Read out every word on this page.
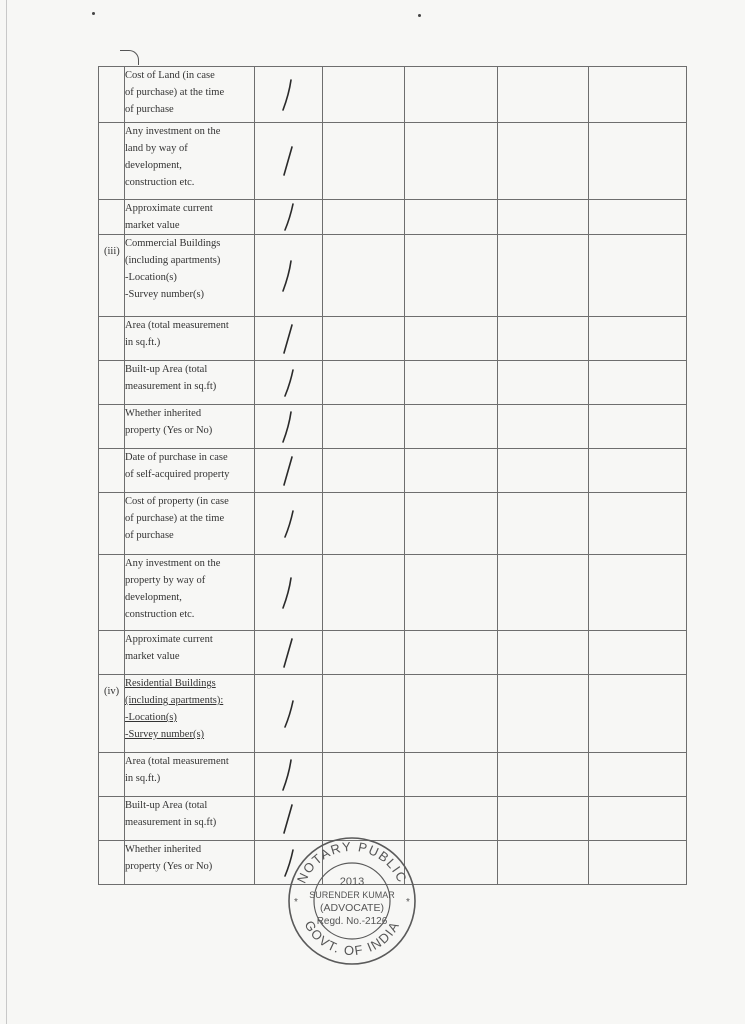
	Cost of Land (in case
of purchase) at the time
of purchase

	Any investment on the
land by way of
development,
construction etc.

	Approximate current
market value

(iii)	Commercial Buildings
(including apartments)
-Location(s)
-Survey number(s)

	Area (total measurement
in sq.ft.)

	Built-up Area (total
measurement in sq.ft)

	Whether inherited
property (Yes or No)

	Date of purchase in case
of self-acquired property

	Cost of property (in case
of purchase) at the time
of purchase

	Any investment on the
property by way of
development,
construction etc.

	Approximate current
market value

(iv)	Residential Buildings
(including apartments):
-Location(s)
-Survey number(s)

	Area (total measurement
in sq.ft.)

	Built-up Area (total
measurement in sq.ft)

	Whether inherited
property (Yes or No)

NOTARY PUBLIC
GOVT. OF INDIA
2013
SURENDER KUMAR
(ADVOCATE)
Regd. No.-2126
*	*
